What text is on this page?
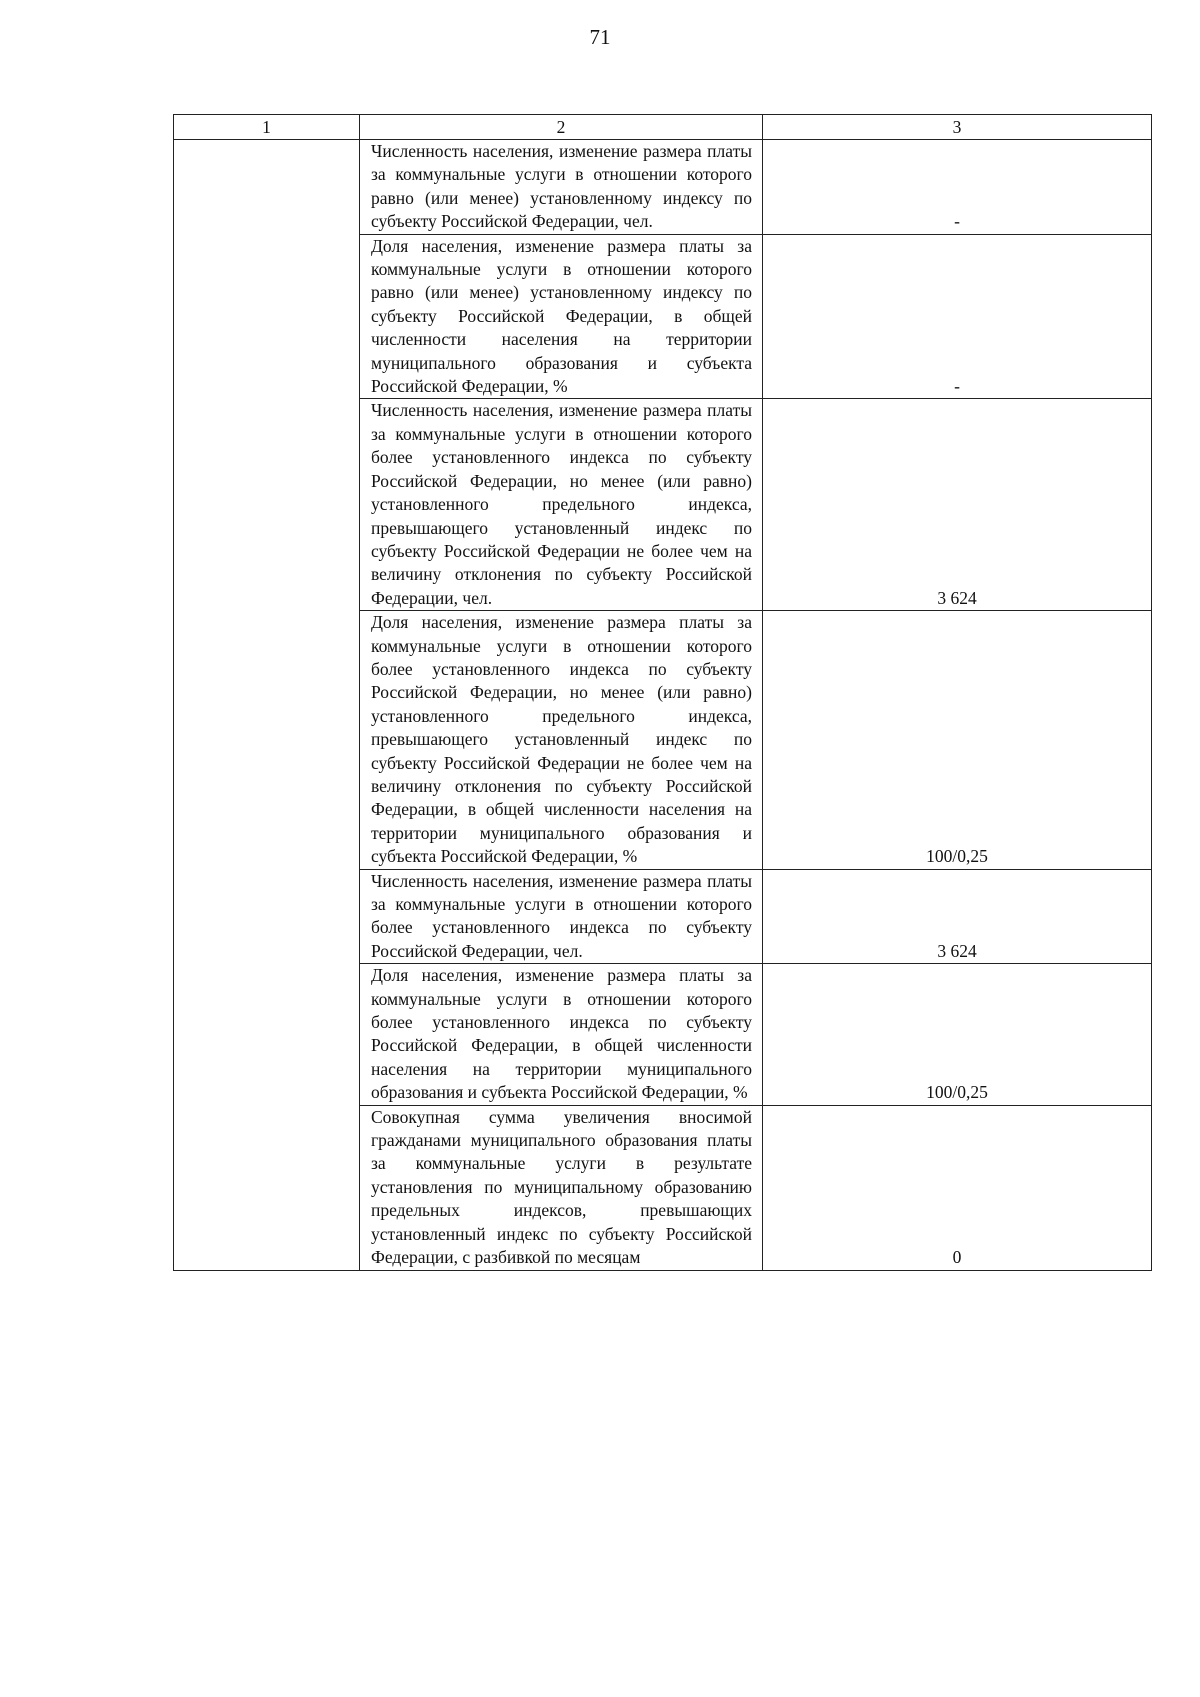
71
1	2	3
	Численность населения, изменение размера платы за коммунальные услуги в отношении которого равно (или менее) установленному индексу по субъекту Российской Федерации, чел.	-
	Доля населения, изменение размера платы за коммунальные услуги в отношении которого равно (или менее) установленному индексу по субъекту Российской Федерации, в общей численности населения на территории муниципального образования и субъекта Российской Федерации, %	-
	Численность населения, изменение размера платы за коммунальные услуги в отношении которого более установленного индекса по субъекту Российской Федерации, но менее (или равно) установленного предельного индекса, превышающего установленный индекс по субъекту Российской Федерации не более чем на величину отклонения по субъекту Российской Федерации, чел.	3 624
	Доля населения, изменение размера платы за коммунальные услуги в отношении которого более установленного индекса по субъекту Российской Федерации, но менее (или равно) установленного предельного индекса, превышающего установленный индекс по субъекту Российской Федерации не более чем на величину отклонения по субъекту Российской Федерации, в общей численности населения на территории муниципального образования и субъекта Российской Федерации, %	100/0,25
	Численность населения, изменение размера платы за коммунальные услуги в отношении которого более установленного индекса по субъекту Российской Федерации, чел.	3 624
	Доля населения, изменение размера платы за коммунальные услуги в отношении которого более установленного индекса по субъекту Российской Федерации, в общей численности населения на территории муниципального образования и субъекта Российской Федерации, %	100/0,25
	Совокупная сумма увеличения вносимой гражданами муниципального образования платы за коммунальные услуги в результате установления по муниципальному образованию предельных индексов, превышающих установленный индекс по субъекту Российской Федерации, с разбивкой по месяцам	0
